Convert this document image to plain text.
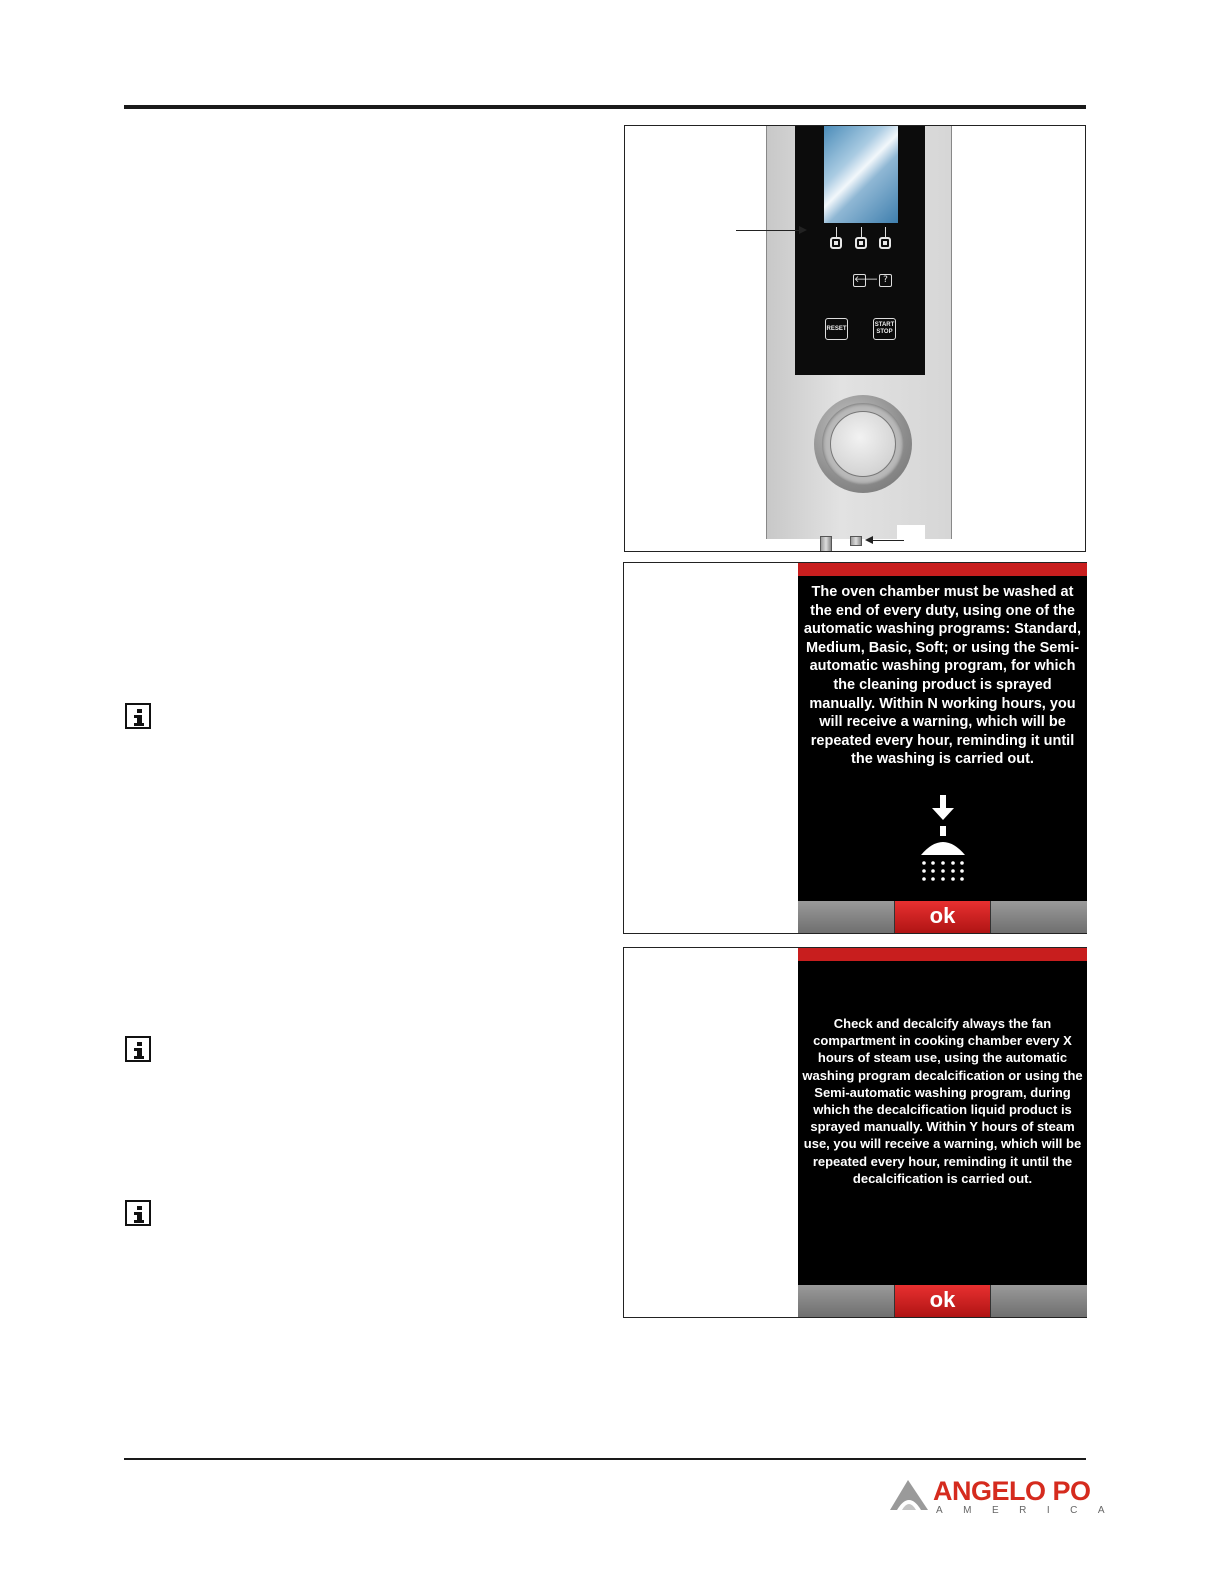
🡐 ?
RESET
START
STOP
The oven chamber must be washed at the end of every duty, using one of the automatic washing programs: Standard, Medium, Basic, Soft; or using the Semi-automatic washing program, for which the cleaning product is sprayed manually. Within N working hours, you will receive a warning, which will be repeated every hour, reminding it until the washing is carried out.
ok
Check and decalcify always the fan compartment in cooking chamber every X hours of steam use, using the automatic washing program decalcification or using the Semi-automatic washing program, during which the decalcification liquid product is sprayed manually. Within Y hours of steam use, you will receive a warning, which will be repeated every hour, reminding it until the decalcification is carried out.
ok
ANGELO PO
AMERICA
